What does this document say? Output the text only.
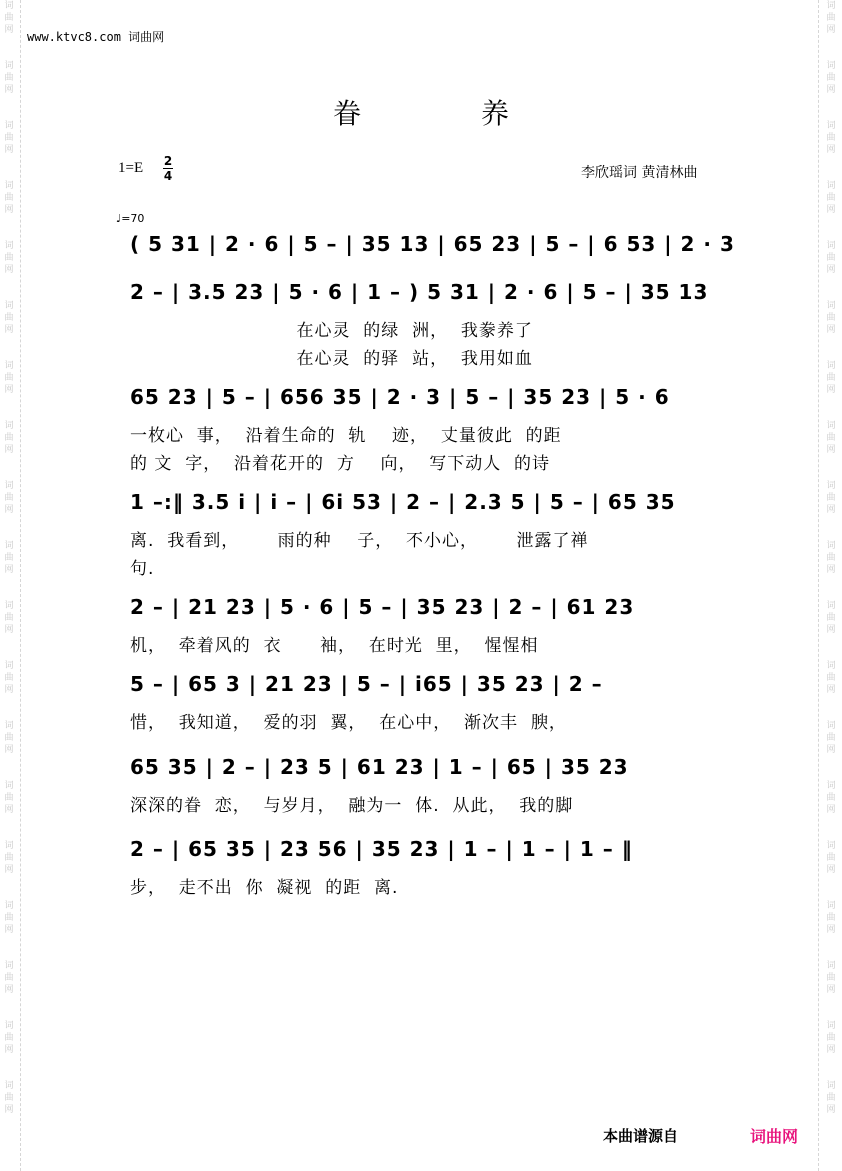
词曲网
词曲网
词曲网
词曲网
词曲网
词曲网
词曲网
词曲网
词曲网
词曲网
词曲网
词曲网
词曲网
词曲网
词曲网
词曲网
词曲网
词曲网
词曲网
词曲网
词曲网
词曲网
词曲网
词曲网
词曲网
词曲网
词曲网
词曲网
词曲网
词曲网
词曲网
词曲网
词曲网
词曲网
词曲网
词曲网
词曲网
词曲网
www.ktvc8.com 词曲网
眷养
1=E 2
4	李欣瑶词 黄清林曲
♩=70
( 5 31 | 2 · 6 | 5 – | 35 13 | 65 23 | 5 – | 6 53 | 2 · 3
2 – | 3.5 23 | 5 · 6 | 1 – ) 5 31 | 2 · 6 | 5 – | 35 13
在心灵  的绿  洲，  我豢养了
在心灵  的驿  站，  我用如血
65 23 | 5 – | 656 35 | 2 · 3 | 5 – | 35 23 | 5 · 6
一枚心  事，  沿着生命的  轨    迹，  丈量彼此  的距
的 文  字，  沿着花开的  方    向，  写下动人  的诗
1 –:‖ 3.5 i | i – | 6i 53 | 2 – | 2.3 5 | 5 – | 65 35
离.  我看到，      雨的种    子，  不小心，      泄露了禅
句.
2 – | 21 23 | 5 · 6 | 5 – | 35 23 | 2 – | 61 23
机，  牵着风的  衣      袖，  在时光  里，  惺惺相
5 – | 65 3 | 21 23 | 5 – | i65 | 35 23 | 2 –
惜，  我知道，  爱的羽  翼，  在心中，  渐次丰  腴，
65 35 | 2 – | 23 5 | 61 23 | 1 – | 65 | 35 23
深深的眷  恋，  与岁月，  融为一  体.  从此，  我的脚
2 – | 65 35 | 23 56 | 35 23 | 1 – | 1 – | 1 – ‖
步，  走不出  你  凝视  的距  离.
本曲谱源自	词曲网
